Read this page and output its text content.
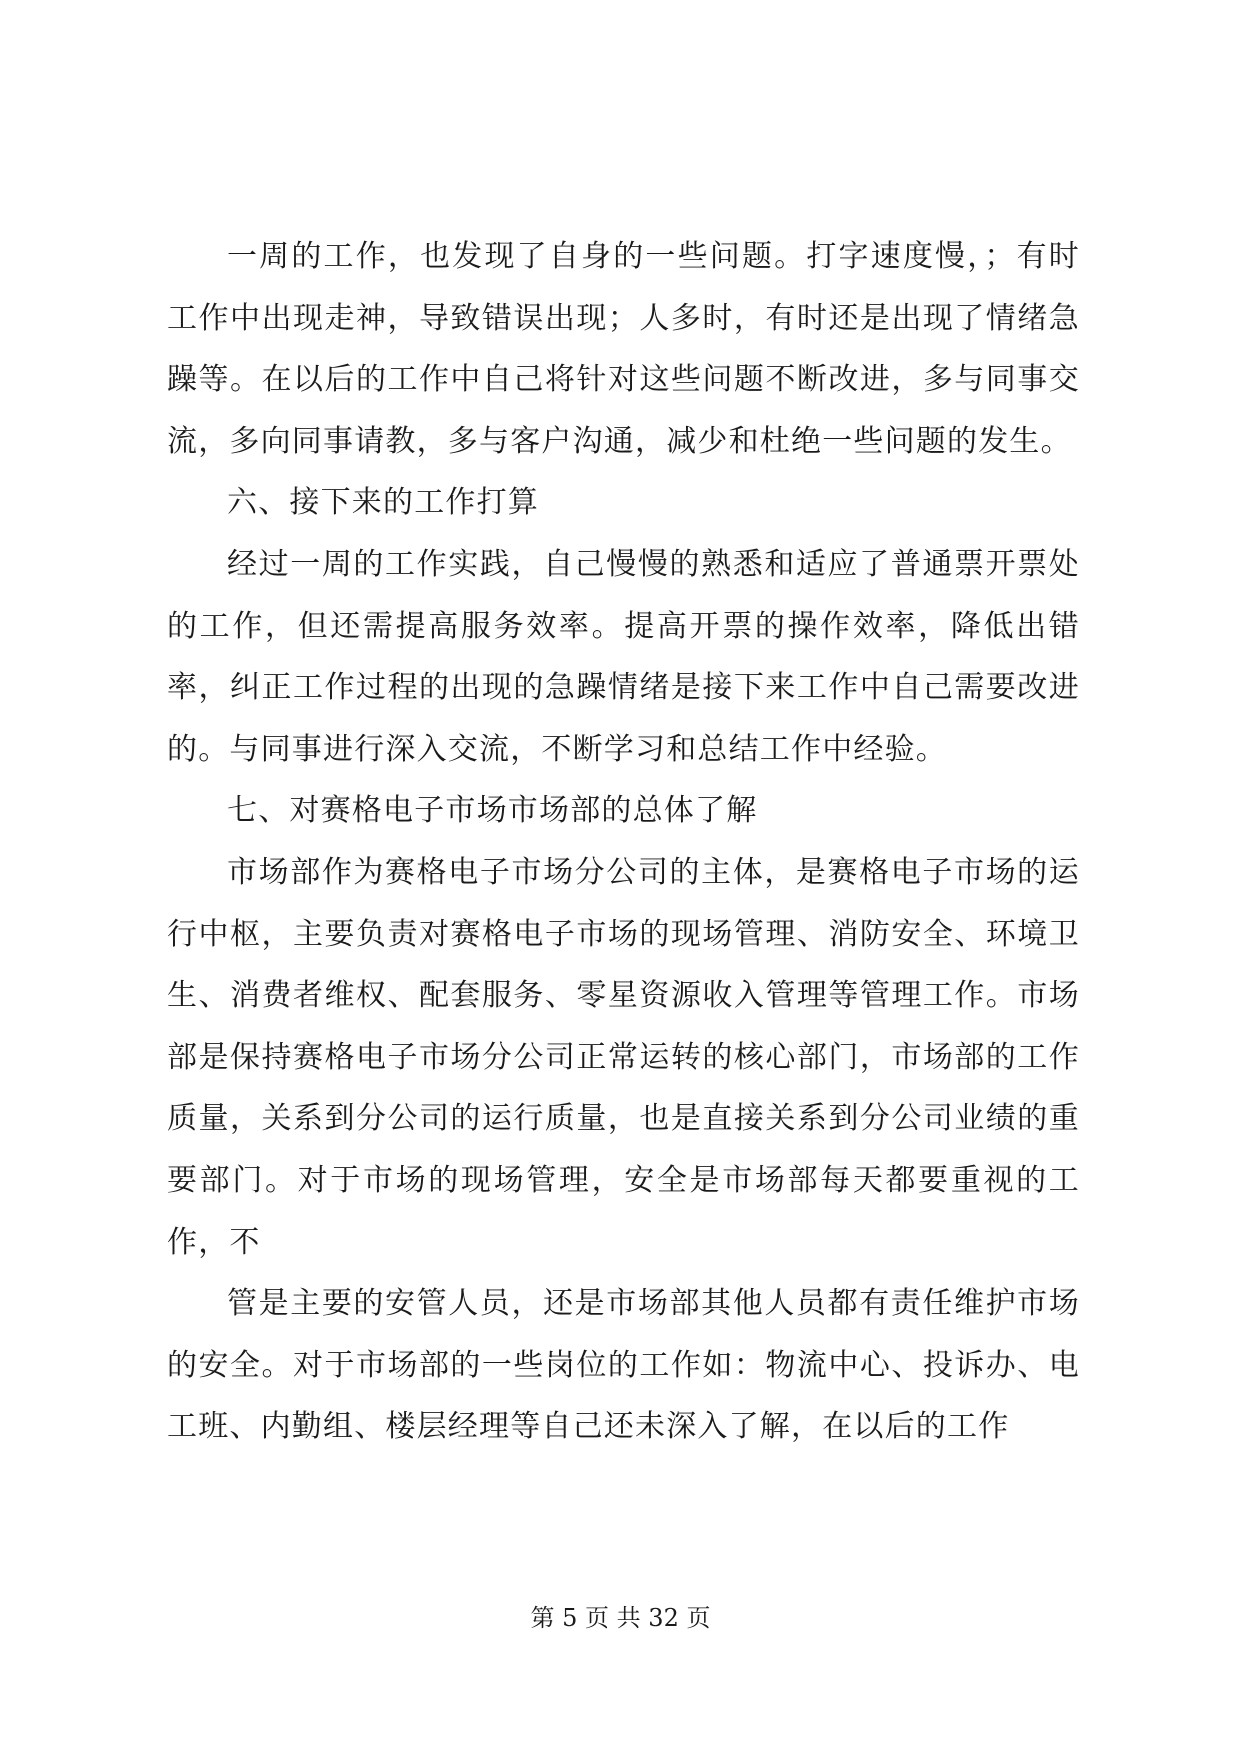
一周的工作，也发现了自身的一些问题。打字速度慢，；有时工作中出现走神，导致错误出现；人多时，有时还是出现了情绪急躁等。在以后的工作中自己将针对这些问题不断改进，多与同事交流，多向同事请教，多与客户沟通，减少和杜绝一些问题的发生。

六、接下来的工作打算

经过一周的工作实践，自己慢慢的熟悉和适应了普通票开票处的工作，但还需提高服务效率。提高开票的操作效率，降低出错率，纠正工作过程的出现的急躁情绪是接下来工作中自己需要改进的。与同事进行深入交流，不断学习和总结工作中经验。

七、对赛格电子市场市场部的总体了解

市场部作为赛格电子市场分公司的主体，是赛格电子市场的运行中枢，主要负责对赛格电子市场的现场管理、消防安全、环境卫生、消费者维权、配套服务、零星资源收入管理等管理工作。市场部是保持赛格电子市场分公司正常运转的核心部门，市场部的工作质量，关系到分公司的运行质量，也是直接关系到分公司业绩的重要部门。对于市场的现场管理，安全是市场部每天都要重视的工作，不

管是主要的安管人员，还是市场部其他人员都有责任维护市场的安全。对于市场部的一些岗位的工作如：物流中心、投诉办、电工班、内勤组、楼层经理等自己还未深入了解，在以后的工作

第 5 页 共 32 页
